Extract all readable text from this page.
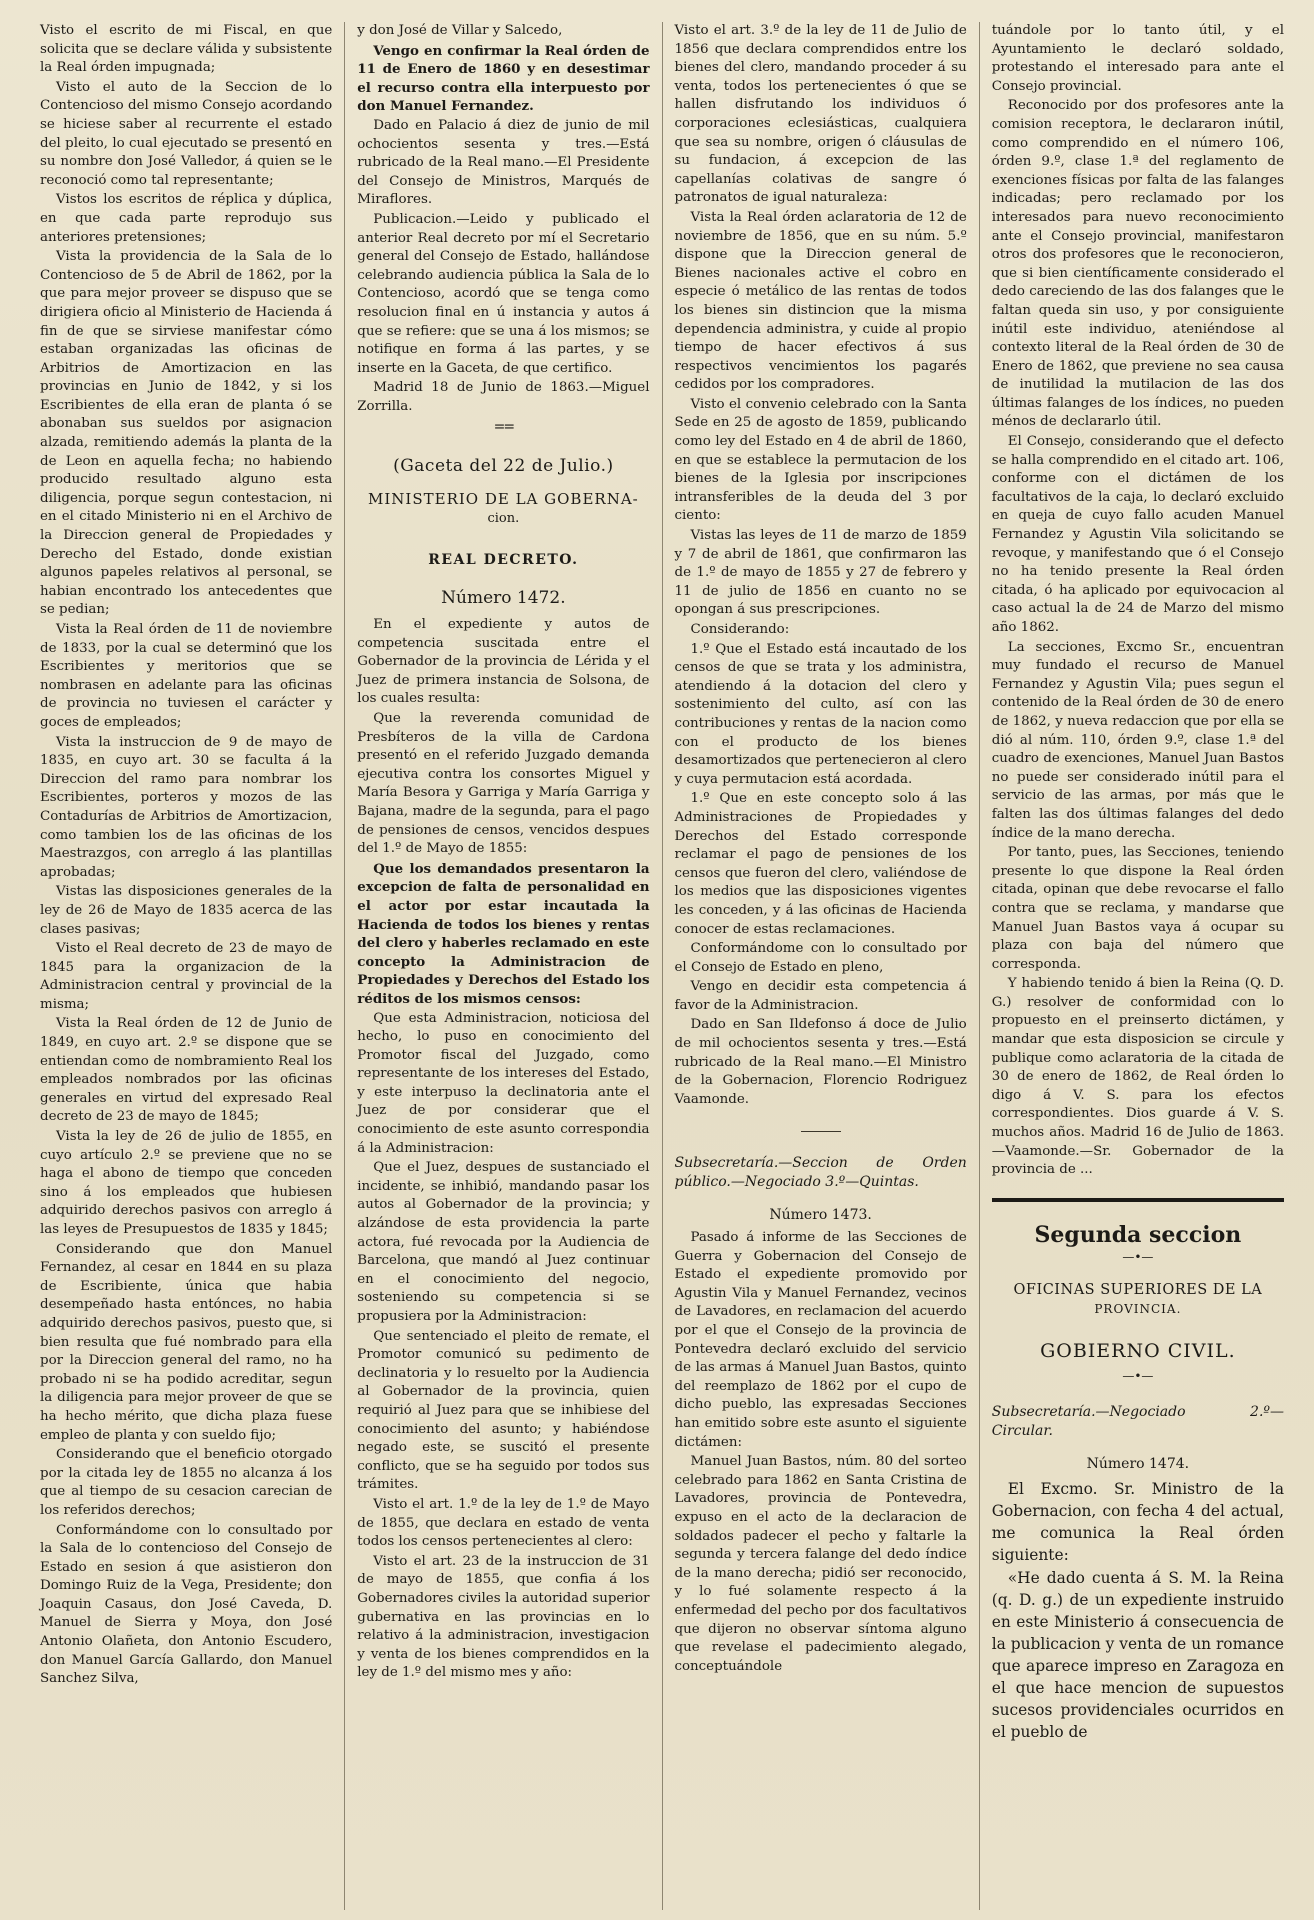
Visto el escrito de mi Fiscal, en que solicita que se declare válida y subsistente la Real órden impugnada;

Visto el auto de la Seccion de lo Contencioso del mismo Consejo acordando se hiciese saber al recurrente el estado del pleito, lo cual ejecutado se presentó en su nombre don José Valledor, á quien se le reconoció como tal representante;

Vistos los escritos de réplica y dúplica, en que cada parte reprodujo sus anteriores pretensiones;

Vista la providencia de la Sala de lo Contencioso de 5 de Abril de 1862, por la que para mejor proveer se dispuso que se dirigiera oficio al Ministerio de Hacienda á fin de que se sirviese manifestar cómo estaban organizadas las oficinas de Arbitrios de Amortizacion en las provincias en Junio de 1842, y si los Escribientes de ella eran de planta ó se abonaban sus sueldos por asignacion alzada, remitiendo además la planta de la de Leon en aquella fecha; no habiendo producido resultado alguno esta diligencia, porque segun contestacion, ni en el citado Ministerio ni en el Archivo de la Direccion general de Propiedades y Derecho del Estado, donde existian algunos papeles relativos al personal, se habian encontrado los antecedentes que se pedian;

Vista la Real órden de 11 de noviembre de 1833, por la cual se determinó que los Escribientes y meritorios que se nombrasen en adelante para las oficinas de provincia no tuviesen el carácter y goces de empleados;

Vista la instruccion de 9 de mayo de 1835, en cuyo art. 30 se faculta á la Direccion del ramo para nombrar los Escribientes, porteros y mozos de las Contadurías de Arbitrios de Amortizacion, como tambien los de las oficinas de los Maestrazgos, con arreglo á las plantillas aprobadas;

Vistas las disposiciones generales de la ley de 26 de Mayo de 1835 acerca de las clases pasivas;

Visto el Real decreto de 23 de mayo de 1845 para la organizacion de la Administracion central y provincial de la misma;

Vista la Real órden de 12 de Junio de 1849, en cuyo art. 2.º se dispone que se entiendan como de nombramiento Real los empleados nombrados por las oficinas generales en virtud del expresado Real decreto de 23 de mayo de 1845;

Vista la ley de 26 de julio de 1855, en cuyo artículo 2.º se previene que no se haga el abono de tiempo que conceden sino á los empleados que hubiesen adquirido derechos pasivos con arreglo á las leyes de Presupuestos de 1835 y 1845;

Considerando que don Manuel Fernandez, al cesar en 1844 en su plaza de Escribiente, única que habia desempeñado hasta entónces, no habia adquirido derechos pasivos, puesto que, si bien resulta que fué nombrado para ella por la Direccion general del ramo, no ha probado ni se ha podido acreditar, segun la diligencia para mejor proveer de que se ha hecho mérito, que dicha plaza fuese empleo de planta y con sueldo fijo;

Considerando que el beneficio otorgado por la citada ley de 1855 no alcanza á los que al tiempo de su cesacion carecian de los referidos derechos;

Conformándome con lo consultado por la Sala de lo contencioso del Consejo de Estado en sesion á que asistieron don Domingo Ruiz de la Vega, Presidente; don Joaquin Casaus, don José Caveda, D. Manuel de Sierra y Moya, don José Antonio Olañeta, don Antonio Escudero, don Manuel García Gallardo, don Manuel Sanchez Silva,

y don José de Villar y Salcedo,

Vengo en confirmar la Real órden de 11 de Enero de 1860 y en desestimar el recurso contra ella interpuesto por don Manuel Fernandez.

Dado en Palacio á diez de junio de mil ochocientos sesenta y tres.—Está rubricado de la Real mano.—El Presidente del Consejo de Ministros, Marqués de Miraflores.

Publicacion.—Leido y publicado el anterior Real decreto por mí el Secretario general del Consejo de Estado, hallándose celebrando audiencia pública la Sala de lo Contencioso, acordó que se tenga como resolucion final en ú instancia y autos á que se refiere: que se una á los mismos; se notifique en forma á las partes, y se inserte en la Gaceta, de que certifico.

Madrid 18 de Junio de 1863.—Miguel Zorrilla.

==
(Gaceta del 22 de Julio.)
MINISTERIO DE LA GOBERNA-
cion.
REAL DECRETO.
Número 1472.

En el expediente y autos de competencia suscitada entre el Gobernador de la provincia de Lérida y el Juez de primera instancia de Solsona, de los cuales resulta:

Que la reverenda comunidad de Presbíteros de la villa de Cardona presentó en el referido Juzgado demanda ejecutiva contra los consortes Miguel y María Besora y Garriga y María Garriga y Bajana, madre de la segunda, para el pago de pensiones de censos, vencidos despues del 1.º de Mayo de 1855:

Que los demandados presentaron la excepcion de falta de personalidad en el actor por estar incautada la Hacienda de todos los bienes y rentas del clero y haberles reclamado en este concepto la Administracion de Propiedades y Derechos del Estado los réditos de los mismos censos:

Que esta Administracion, noticiosa del hecho, lo puso en conocimiento del Promotor fiscal del Juzgado, como representante de los intereses del Estado, y este interpuso la declinatoria ante el Juez de por considerar que el conocimiento de este asunto correspondia á la Administracion:

Que el Juez, despues de sustanciado el incidente, se inhibió, mandando pasar los autos al Gobernador de la provincia; y alzándose de esta providencia la parte actora, fué revocada por la Audiencia de Barcelona, que mandó al Juez continuar en el conocimiento del negocio, sosteniendo su competencia si se propusiera por la Administracion:

Que sentenciado el pleito de remate, el Promotor comunicó su pedimento de declinatoria y lo resuelto por la Audiencia al Gobernador de la provincia, quien requirió al Juez para que se inhibiese del conocimiento del asunto; y habiéndose negado este, se suscitó el presente conflicto, que se ha seguido por todos sus trámites.

Visto el art. 1.º de la ley de 1.º de Mayo de 1855, que declara en estado de venta todos los censos pertenecientes al clero:

Visto el art. 23 de la instruccion de 31 de mayo de 1855, que confia á los Gobernadores civiles la autoridad superior gubernativa en las provincias en lo relativo á la administracion, investigacion y venta de los bienes comprendidos en la ley de 1.º del mismo mes y año:

Visto el art. 3.º de la ley de 11 de Julio de 1856 que declara comprendidos entre los bienes del clero, mandando proceder á su venta, todos los pertenecientes ó que se hallen disfrutando los individuos ó corporaciones eclesiásticas, cualquiera que sea su nombre, origen ó cláusulas de su fundacion, á excepcion de las capellanías colativas de sangre ó patronatos de igual naturaleza:

Vista la Real órden aclaratoria de 12 de noviembre de 1856, que en su núm. 5.º dispone que la Direccion general de Bienes nacionales active el cobro en especie ó metálico de las rentas de todos los bienes sin distincion que la misma dependencia administra, y cuide al propio tiempo de hacer efectivos á sus respectivos vencimientos los pagarés cedidos por los compradores.

Visto el convenio celebrado con la Santa Sede en 25 de agosto de 1859, publicando como ley del Estado en 4 de abril de 1860, en que se establece la permutacion de los bienes de la Iglesia por inscripciones intransferibles de la deuda del 3 por ciento:

Vistas las leyes de 11 de marzo de 1859 y 7 de abril de 1861, que confirmaron las de 1.º de mayo de 1855 y 27 de febrero y 11 de julio de 1856 en cuanto no se opongan á sus prescripciones.

Considerando:

1.º Que el Estado está incautado de los censos de que se trata y los administra, atendiendo á la dotacion del clero y sostenimiento del culto, así con las contribuciones y rentas de la nacion como con el producto de los bienes desamortizados que pertenecieron al clero y cuya permutacion está acordada.

1.º Que en este concepto solo á las Administraciones de Propiedades y Derechos del Estado corresponde reclamar el pago de pensiones de los censos que fueron del clero, valiéndose de los medios que las disposiciones vigentes les conceden, y á las oficinas de Hacienda conocer de estas reclamaciones.

Conformándome con lo consultado por el Consejo de Estado en pleno,

Vengo en decidir esta competencia á favor de la Administracion.

Dado en San Ildefonso á doce de Julio de mil ochocientos sesenta y tres.—Está rubricado de la Real mano.—El Ministro de la Gobernacion, Florencio Rodriguez Vaamonde.

Subsecretaría.—Seccion de Orden público.—Negociado 3.º—Quintas.
Número 1473.

Pasado á informe de las Secciones de Guerra y Gobernacion del Consejo de Estado el expediente promovido por Agustin Vila y Manuel Fernandez, vecinos de Lavadores, en reclamacion del acuerdo por el que el Consejo de la provincia de Pontevedra declaró excluido del servicio de las armas á Manuel Juan Bastos, quinto del reemplazo de 1862 por el cupo de dicho pueblo, las expresadas Secciones han emitido sobre este asunto el siguiente dictámen:

Manuel Juan Bastos, núm. 80 del sorteo celebrado para 1862 en Santa Cristina de Lavadores, provincia de Pontevedra, expuso en el acto de la declaracion de soldados padecer el pecho y faltarle la segunda y tercera falange del dedo índice de la mano derecha; pidió ser reconocido, y lo fué solamente respecto á la enfermedad del pecho por dos facultativos que dijeron no observar síntoma alguno que revelase el padecimiento alegado, conceptuándole

tuándole por lo tanto útil, y el Ayuntamiento le declaró soldado, protestando el interesado para ante el Consejo provincial.

Reconocido por dos profesores ante la comision receptora, le declararon inútil, como comprendido en el número 106, órden 9.º, clase 1.ª del reglamento de exenciones físicas por falta de las falanges indicadas; pero reclamado por los interesados para nuevo reconocimiento ante el Consejo provincial, manifestaron otros dos profesores que le reconocieron, que si bien científicamente considerado el dedo careciendo de las dos falanges que le faltan queda sin uso, y por consiguiente inútil este individuo, ateniéndose al contexto literal de la Real órden de 30 de Enero de 1862, que previene no sea causa de inutilidad la mutilacion de las dos últimas falanges de los índices, no pueden ménos de declararlo útil.

El Consejo, considerando que el defecto se halla comprendido en el citado art. 106, conforme con el dictámen de los facultativos de la caja, lo declaró excluido en queja de cuyo fallo acuden Manuel Fernandez y Agustin Vila solicitando se revoque, y manifestando que ó el Consejo no ha tenido presente la Real órden citada, ó ha aplicado por equivocacion al caso actual la de 24 de Marzo del mismo año 1862.

La secciones, Excmo Sr., encuentran muy fundado el recurso de Manuel Fernandez y Agustin Vila; pues segun el contenido de la Real órden de 30 de enero de 1862, y nueva redaccion que por ella se dió al núm. 110, órden 9.º, clase 1.ª del cuadro de exenciones, Manuel Juan Bastos no puede ser considerado inútil para el servicio de las armas, por más que le falten las dos últimas falanges del dedo índice de la mano derecha.

Por tanto, pues, las Secciones, teniendo presente lo que dispone la Real órden citada, opinan que debe revocarse el fallo contra que se reclama, y mandarse que Manuel Juan Bastos vaya á ocupar su plaza con baja del número que corresponda.

Y habiendo tenido á bien la Reina (Q. D. G.) resolver de conformidad con lo propuesto en el preinserto dictámen, y mandar que esta disposicion se circule y publique como aclaratoria de la citada de 30 de enero de 1862, de Real órden lo digo á V. S. para los efectos correspondientes. Dios guarde á V. S. muchos años. Madrid 16 de Julio de 1863.—Vaamonde.—Sr. Gobernador de la provincia de ...

Segunda seccion
—•—
OFICINAS SUPERIORES DE LA
PROVINCIA.
GOBIERNO CIVIL.
—•—
Subsecretaría.—Negociado 2.º—Circular.
Número 1474.

El Excmo. Sr. Ministro de la Gobernacion, con fecha 4 del actual, me comunica la Real órden siguiente:

«He dado cuenta á S. M. la Reina (q. D. g.) de un expediente instruido en este Ministerio á consecuencia de la publicacion y venta de un romance que aparece impreso en Zaragoza en el que hace mencion de supuestos sucesos providenciales ocurridos en el pueblo de
